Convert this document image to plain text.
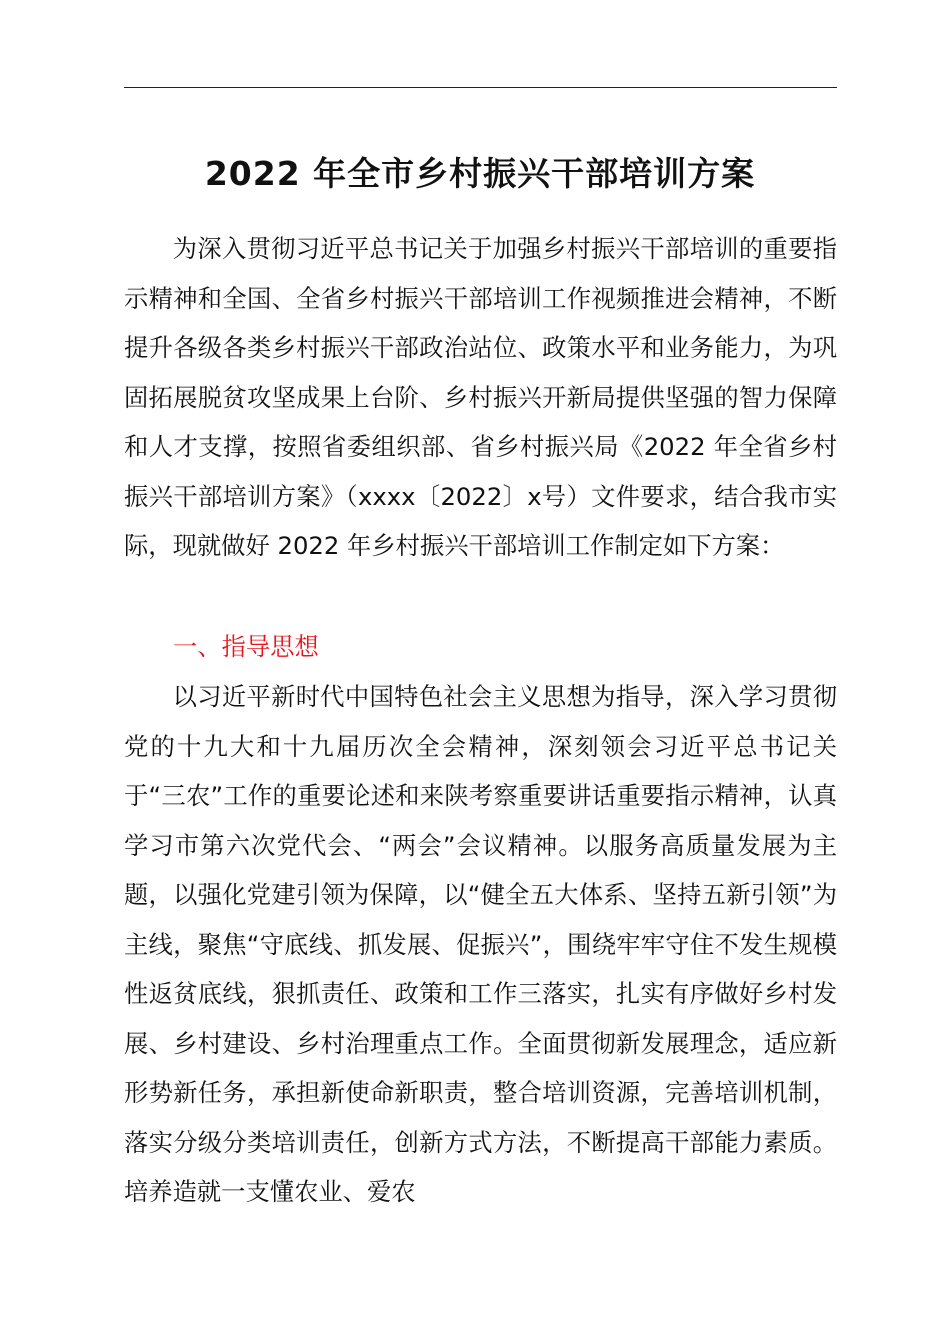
2022 年全市乡村振兴干部培训方案

为深入贯彻习近平总书记关于加强乡村振兴干部培训的重要指示精神和全国、全省乡村振兴干部培训工作视频推进会精神，不断提升各级各类乡村振兴干部政治站位、政策水平和业务能力，为巩固拓展脱贫攻坚成果上台阶、乡村振兴开新局提供坚强的智力保障和人才支撑，按照省委组织部、省乡村振兴局《2022 年全省乡村振兴干部培训方案》（xxxx〔2022〕x号）文件要求，结合我市实际，现就做好 2022 年乡村振兴干部培训工作制定如下方案：

一、指导思想

以习近平新时代中国特色社会主义思想为指导，深入学习贯彻党的十九大和十九届历次全会精神，深刻领会习近平总书记关于“三农”工作的重要论述和来陕考察重要讲话重要指示精神，认真学习市第六次党代会、“两会”会议精神。以服务高质量发展为主题，以强化党建引领为保障，以“健全五大体系、坚持五新引领”为主线，聚焦“守底线、抓发展、促振兴”，围绕牢牢守住不发生规模性返贫底线，狠抓责任、政策和工作三落实，扎实有序做好乡村发展、乡村建设、乡村治理重点工作。全面贯彻新发展理念，适应新形势新任务，承担新使命新职责，整合培训资源，完善培训机制，落实分级分类培训责任，创新方式方法，不断提高干部能力素质。培养造就一支懂农业、爱农
